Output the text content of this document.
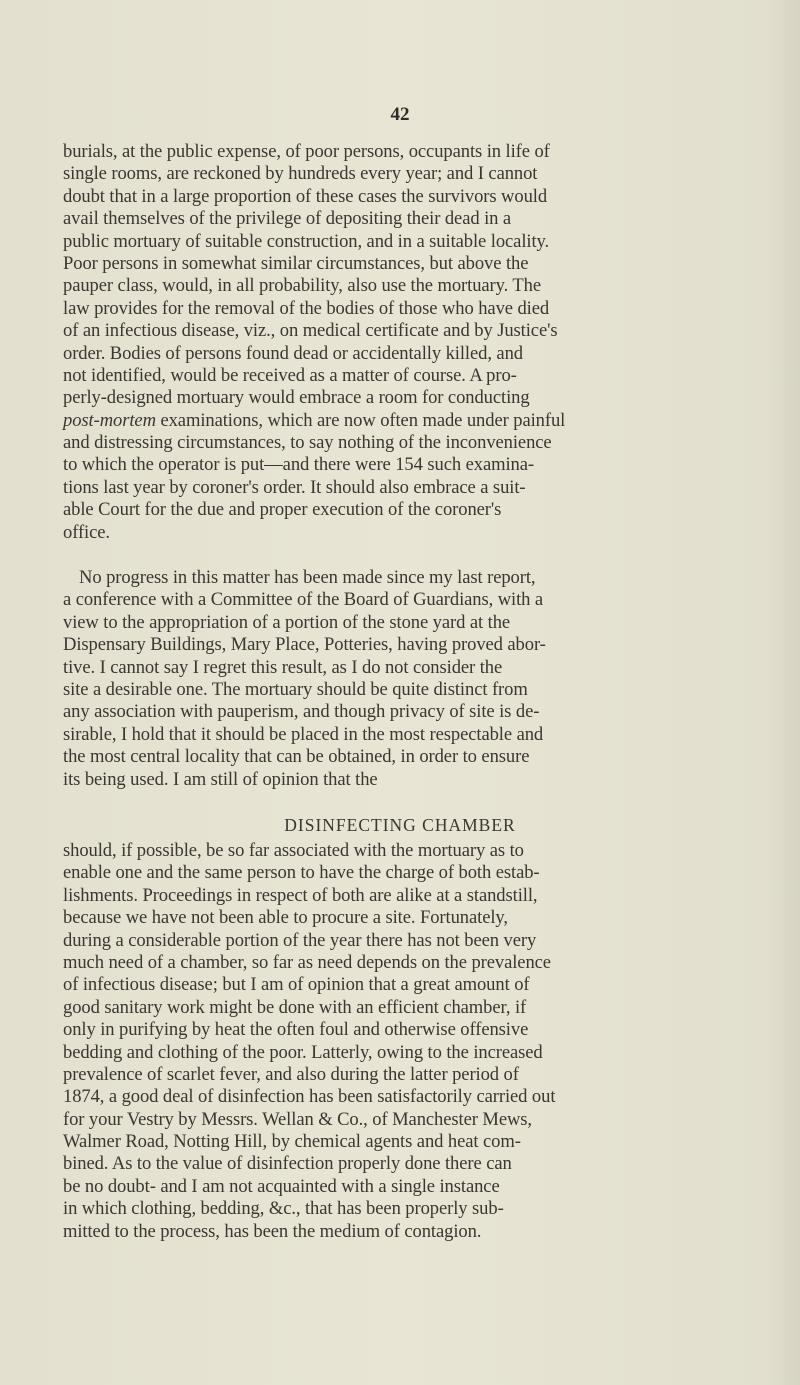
42
burials, at the public expense, of poor persons, occupants in life of
single rooms, are reckoned by hundreds every year; and I cannot
doubt that in a large proportion of these cases the survivors would
avail themselves of the privilege of depositing their dead in a
public mortuary of suitable construction, and in a suitable locality.
Poor persons in somewhat similar circumstances, but above the
pauper class, would, in all probability, also use the mortuary. The
law provides for the removal of the bodies of those who have died
of an infectious disease, viz., on medical certificate and by Justice's
order. Bodies of persons found dead or accidentally killed, and
not identified, would be received as a matter of course. A pro-
perly-designed mortuary would embrace a room for conducting
post-mortem examinations, which are now often made under painful
and distressing circumstances, to say nothing of the inconvenience
to which the operator is put—and there were 154 such examina-
tions last year by coroner's order. It should also embrace a suit-
able Court for the due and proper execution of the coroner's
office.
No progress in this matter has been made since my last report,
a conference with a Committee of the Board of Guardians, with a
view to the appropriation of a portion of the stone yard at the
Dispensary Buildings, Mary Place, Potteries, having proved abor-
tive. I cannot say I regret this result, as I do not consider the
site a desirable one. The mortuary should be quite distinct from
any association with pauperism, and though privacy of site is de-
sirable, I hold that it should be placed in the most respectable and
the most central locality that can be obtained, in order to ensure
its being used. I am still of opinion that the
DISINFECTING CHAMBER
should, if possible, be so far associated with the mortuary as to
enable one and the same person to have the charge of both estab-
lishments. Proceedings in respect of both are alike at a standstill,
because we have not been able to procure a site. Fortunately,
during a considerable portion of the year there has not been very
much need of a chamber, so far as need depends on the prevalence
of infectious disease; but I am of opinion that a great amount of
good sanitary work might be done with an efficient chamber, if
only in purifying by heat the often foul and otherwise offensive
bedding and clothing of the poor. Latterly, owing to the increased
prevalence of scarlet fever, and also during the latter period of
1874, a good deal of disinfection has been satisfactorily carried out
for your Vestry by Messrs. Wellan & Co., of Manchester Mews,
Walmer Road, Notting Hill, by chemical agents and heat com-
bined. As to the value of disinfection properly done there can
be no doubt- and I am not acquainted with a single instance
in which clothing, bedding, &c., that has been properly sub-
mitted to the process, has been the medium of contagion.
